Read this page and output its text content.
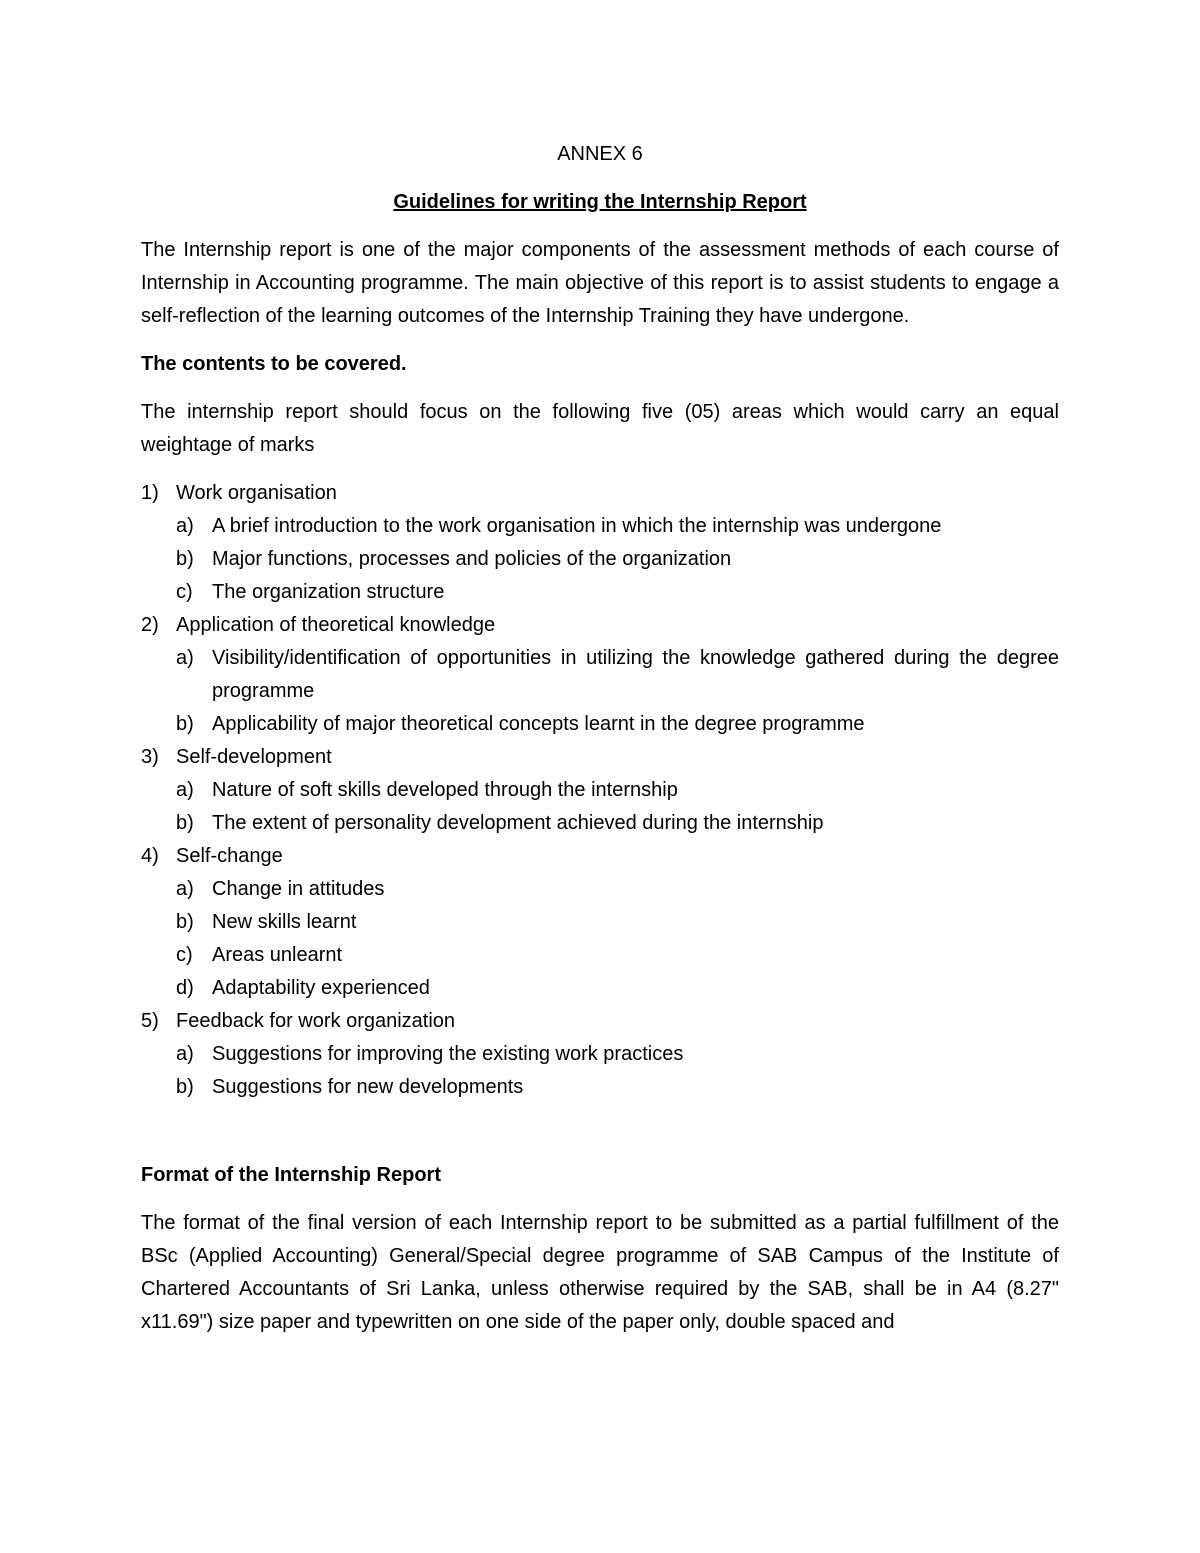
ANNEX 6
Guidelines for writing the Internship Report

The Internship report is one of the major components of the assessment methods of each course of Internship in Accounting programme. The main objective of this report is to assist students to engage a self-reflection of the learning outcomes of the Internship Training they have undergone.

The contents to be covered.

The internship report should focus on the following five (05) areas which would carry an equal weightage of marks

1) Work organisation
a) A brief introduction to the work organisation in which the internship was undergone
b) Major functions, processes and policies of the organization
c) The organization structure
2) Application of theoretical knowledge
a) Visibility/identification of opportunities in utilizing the knowledge gathered during the degree programme
b) Applicability of major theoretical concepts learnt in the degree programme
3) Self-development
a) Nature of soft skills developed through the internship
b) The extent of personality development achieved during the internship
4) Self-change
a) Change in attitudes
b) New skills learnt
c) Areas unlearnt
d) Adaptability experienced
5) Feedback for work organization
a) Suggestions for improving the existing work practices
b) Suggestions for new developments
Format of the Internship Report

The format of the final version of each Internship report to be submitted as a partial fulfillment of the BSc (Applied Accounting) General/Special degree programme of SAB Campus of the Institute of Chartered Accountants of Sri Lanka, unless otherwise required by the SAB, shall be in A4 (8.27" x11.69") size paper and typewritten on one side of the paper only, double spaced and
